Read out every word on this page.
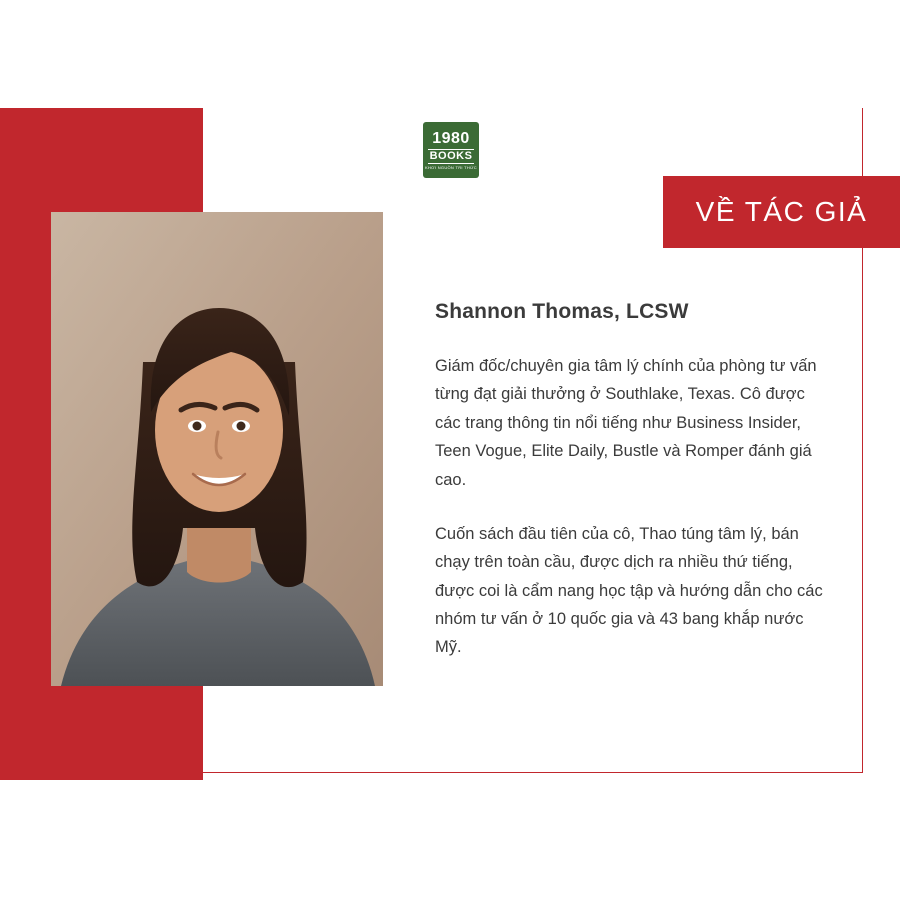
1980
BOOKS
KHƠI NGUỒN TRI THỨC
VỀ TÁC GIẢ
Shannon Thomas, LCSW

Giám đốc/chuyên gia tâm lý chính của phòng tư vấn từng đạt giải thưởng ở Southlake, Texas. Cô được các trang thông tin nổi tiếng như Business Insider, Teen Vogue, Elite Daily, Bustle và Romper đánh giá cao.

Cuốn sách đầu tiên của cô, Thao túng tâm lý, bán chạy trên toàn cầu, được dịch ra nhiều thứ tiếng, được coi là cẩm nang học tập và hướng dẫn cho các nhóm tư vấn ở 10 quốc gia và 43 bang khắp nước Mỹ.
